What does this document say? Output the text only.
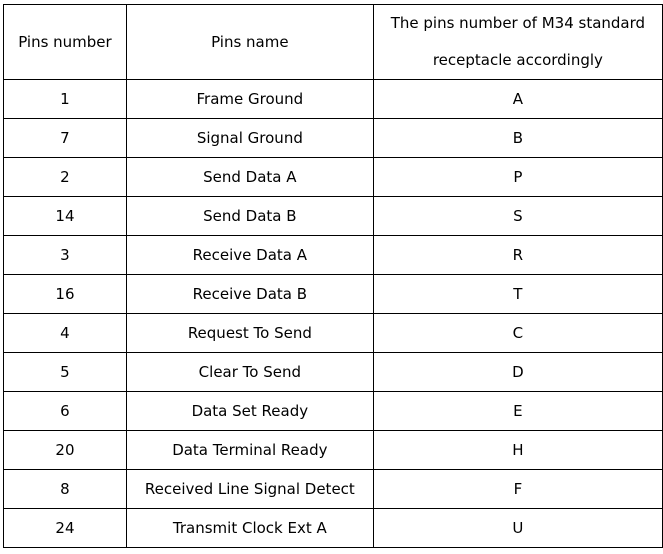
Pins number	Pins name	The pins number of M34 standard receptacle accordingly
1	Frame Ground	A
7	Signal Ground	B
2	Send Data A	P
14	Send Data B	S
3	Receive Data A	R
16	Receive Data B	T
4	Request To Send	C
5	Clear To Send	D
6	Data Set Ready	E
20	Data Terminal Ready	H
8	Received Line Signal Detect	F
24	Transmit Clock Ext A	U
